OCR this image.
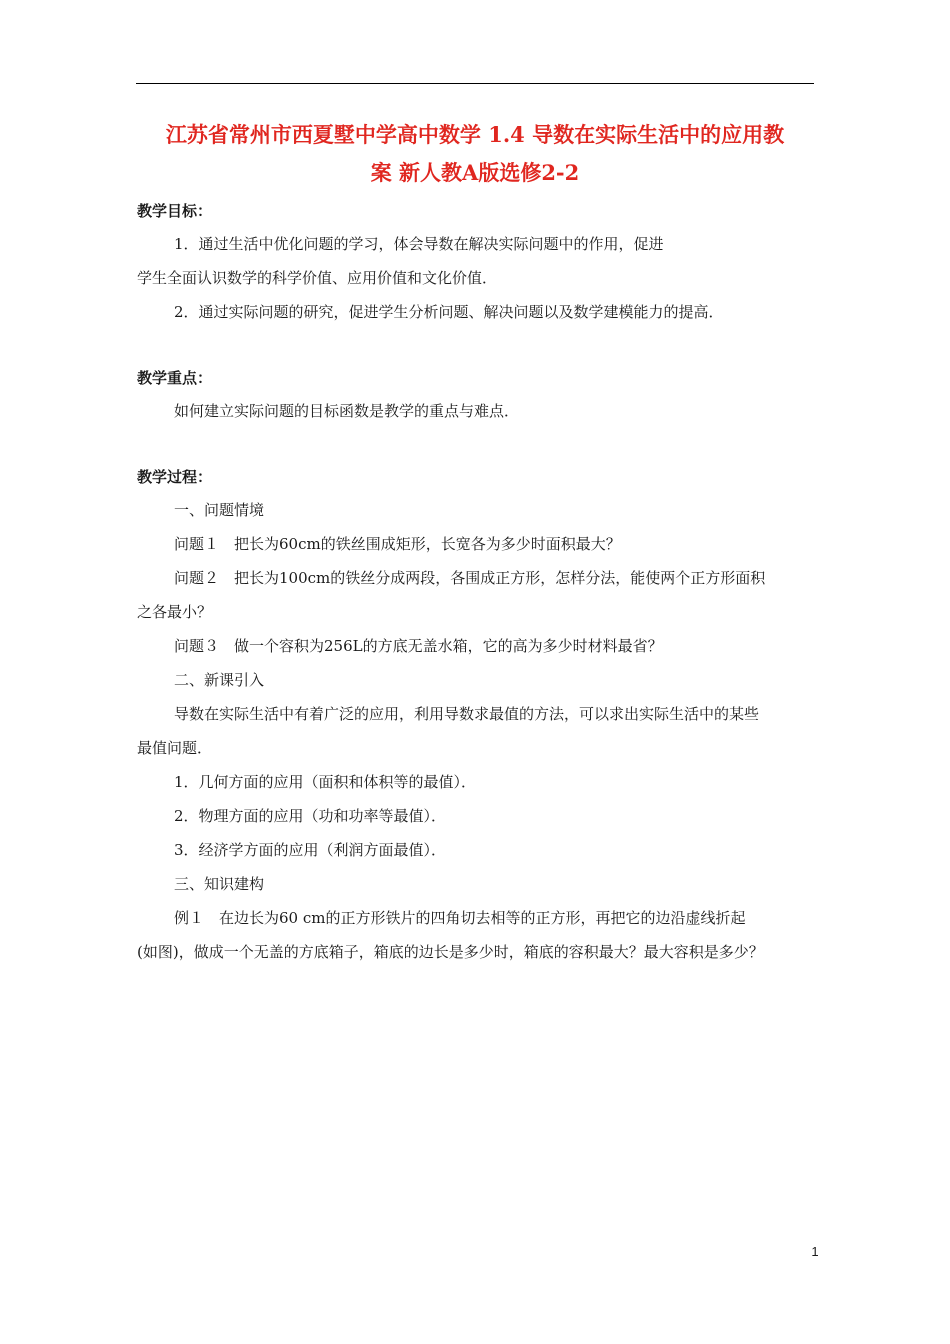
江苏省常州市西夏墅中学高中数学 1.4 导数在实际生活中的应用教
案 新人教A版选修2-2
教学目标：
1．通过生活中优化问题的学习，体会导数在解决实际问题中的作用，促进
学生全面认识数学的科学价值、应用价值和文化价值．
2．通过实际问题的研究，促进学生分析问题、解决问题以及数学建模能力的提高．
教学重点：
如何建立实际问题的目标函数是教学的重点与难点．
教学过程：
一、问题情境
问题１　把长为60cm的铁丝围成矩形，长宽各为多少时面积最大？
问题２　把长为100cm的铁丝分成两段，各围成正方形，怎样分法，能使两个正方形面积
之各最小？
问题３　做一个容积为256L的方底无盖水箱，它的高为多少时材料最省？
二、新课引入
导数在实际生活中有着广泛的应用，利用导数求最值的方法，可以求出实际生活中的某些
最值问题．
1．几何方面的应用（面积和体积等的最值）．
2．物理方面的应用（功和功率等最值）．
3．经济学方面的应用（利润方面最值）．
三、知识建构
例１　在边长为60 cm的正方形铁片的四角切去相等的正方形，再把它的边沿虚线折起
(如图)，做成一个无盖的方底箱子，箱底的边长是多少时，箱底的容积最大？最大容积是多少？
1
